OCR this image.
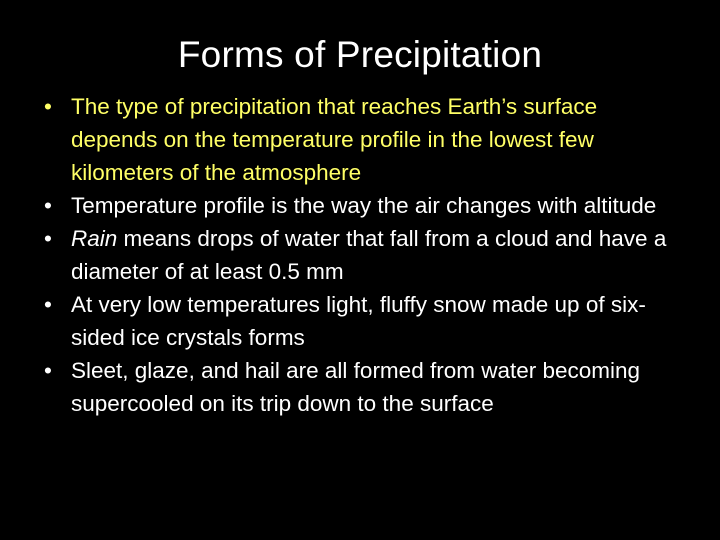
Forms of Precipitation
• The type of precipitation that reaches Earth’s surface depends on the temperature profile in the lowest few kilometers of the atmosphere
• Temperature profile is the way the air changes with altitude
• Rain means drops of water that fall from a cloud and have a diameter of at least 0.5 mm
• At very low temperatures light, fluffy snow made up of six-sided ice crystals forms
• Sleet, glaze, and hail are all formed from water becoming supercooled on its trip down to the surface
